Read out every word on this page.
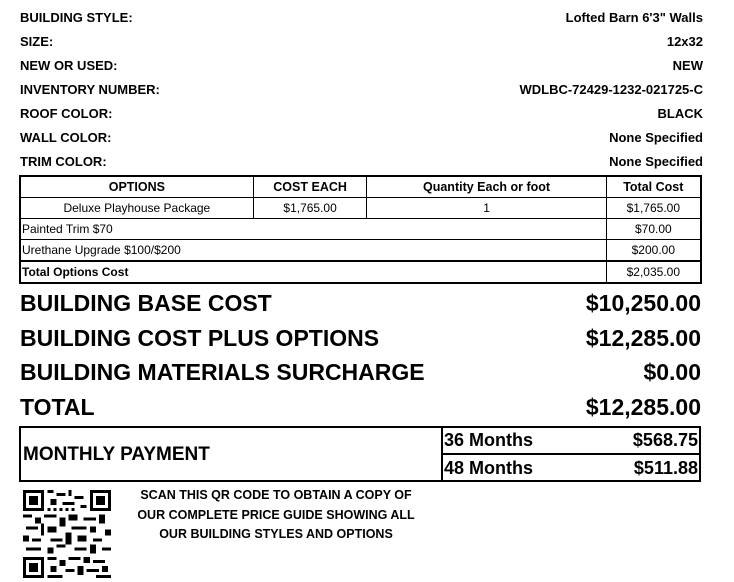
BUILDING STYLE:	Lofted Barn 6'3" Walls
SIZE:	12x32
NEW OR USED:	NEW
INVENTORY NUMBER:	WDLBC-72429-1232-021725-C
ROOF COLOR:	BLACK
WALL COLOR:	None Specified
TRIM COLOR:	None Specified
OPTIONS	COST EACH	Quantity Each or foot	Total Cost
Deluxe Playhouse Package	$1,765.00	1	$1,765.00
Painted Trim $70			$70.00
Urethane Upgrade $100/$200			$200.00
Total Options Cost			$2,035.00
BUILDING BASE COST	$10,250.00
BUILDING COST PLUS OPTIONS	$12,285.00
BUILDING MATERIALS SURCHARGE	$0.00
TOTAL	$12,285.00
MONTHLY PAYMENT
36 Months	$568.75
48 Months	$511.88
SCAN THIS QR CODE TO OBTAIN A COPY OF
OUR COMPLETE PRICE GUIDE SHOWING ALL
OUR BUILDING STYLES AND OPTIONS
